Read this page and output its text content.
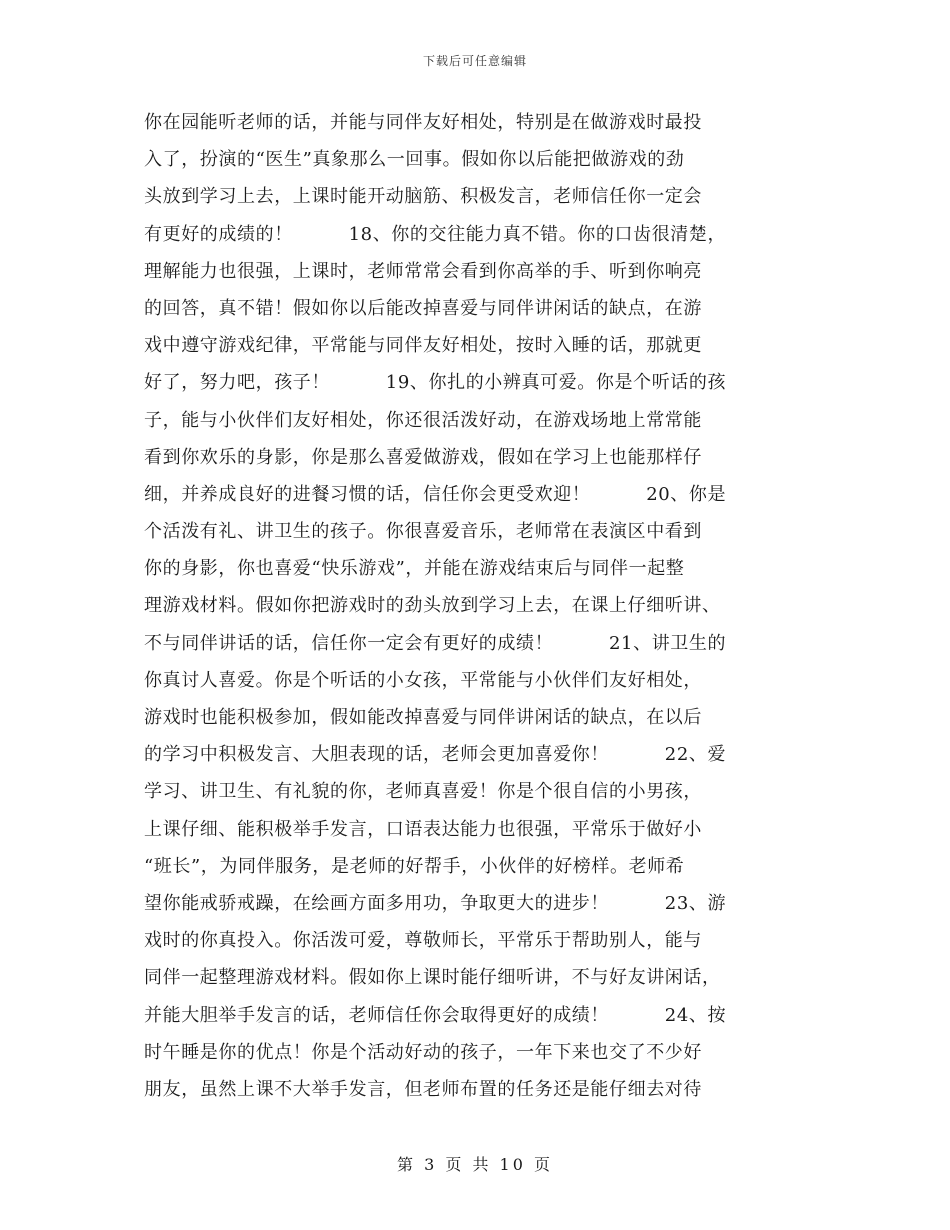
下载后可任意编辑
你在园能听老师的话，并能与同伴友好相处，特别是在做游戏时最投
入了，扮演的“医生”真象那么一回事。假如你以后能把做游戏的劲
头放到学习上去，上课时能开动脑筋、积极发言，老师信任你一定会
有更好的成绩的！　　　18、你的交往能力真不错。你的口齿很清楚，
理解能力也很强，上课时，老师常常会看到你高举的手、听到你响亮
的回答，真不错！假如你以后能改掉喜爱与同伴讲闲话的缺点，在游
戏中遵守游戏纪律，平常能与同伴友好相处，按时入睡的话，那就更
好了，努力吧，孩子！　　　19、你扎的小辨真可爱。你是个听话的孩
子，能与小伙伴们友好相处，你还很活泼好动，在游戏场地上常常能
看到你欢乐的身影，你是那么喜爱做游戏，假如在学习上也能那样仔
细，并养成良好的进餐习惯的话，信任你会更受欢迎！　　　20、你是
个活泼有礼、讲卫生的孩子。你很喜爱音乐，老师常在表演区中看到
你的身影，你也喜爱“快乐游戏”，并能在游戏结束后与同伴一起整
理游戏材料。假如你把游戏时的劲头放到学习上去，在课上仔细听讲、
不与同伴讲话的话，信任你一定会有更好的成绩！　　　21、讲卫生的
你真讨人喜爱。你是个听话的小女孩，平常能与小伙伴们友好相处，
游戏时也能积极参加，假如能改掉喜爱与同伴讲闲话的缺点，在以后
的学习中积极发言、大胆表现的话，老师会更加喜爱你！　　　22、爱
学习、讲卫生、有礼貌的你，老师真喜爱！你是个很自信的小男孩，
上课仔细、能积极举手发言，口语表达能力也很强，平常乐于做好小
“班长”，为同伴服务，是老师的好帮手，小伙伴的好榜样。老师希
望你能戒骄戒躁，在绘画方面多用功，争取更大的进步！　　　23、游
戏时的你真投入。你活泼可爱，尊敬师长，平常乐于帮助别人，能与
同伴一起整理游戏材料。假如你上课时能仔细听讲，不与好友讲闲话，
并能大胆举手发言的话，老师信任你会取得更好的成绩！　　　24、按
时午睡是你的优点！你是个活动好动的孩子，一年下来也交了不少好
朋友，虽然上课不大举手发言，但老师布置的任务还是能仔细去对待
第 3 页 共 10 页
